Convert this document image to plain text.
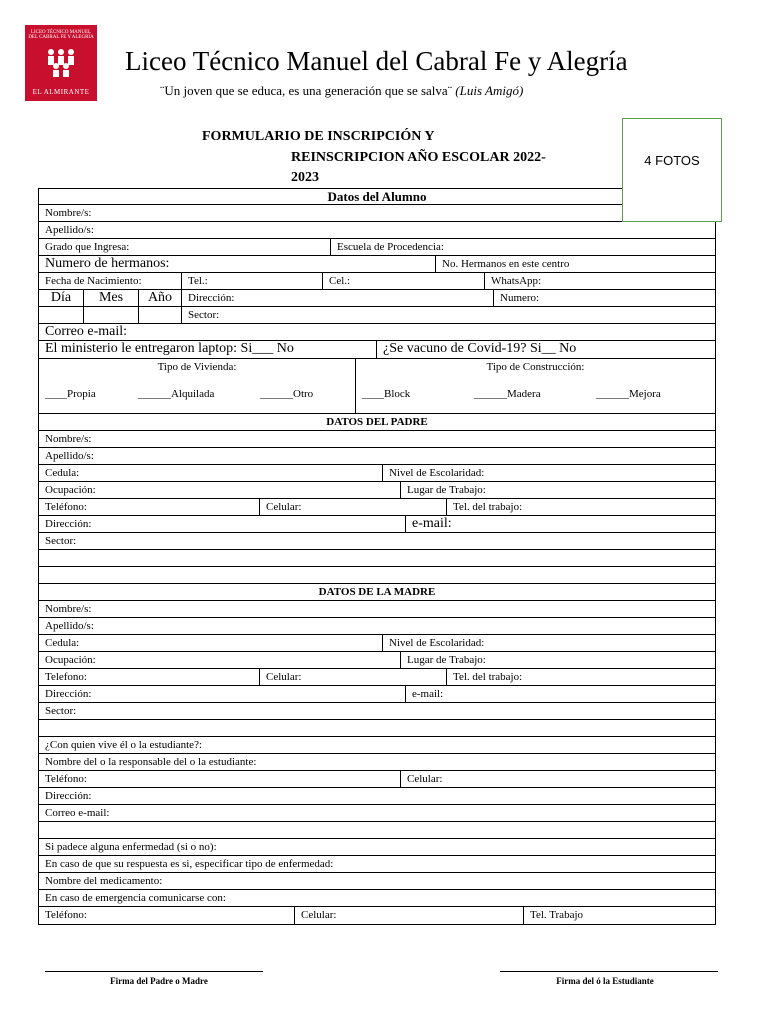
LICEO TÉCNICO MANUEL DEL CABRAL FE Y ALEGRÍA
EL ALMIRANTE
Liceo Técnico Manuel del Cabral Fe y Alegría
¨Un joven que se educa, es una generación que se salva¨ (Luis Amigó)
FORMULARIO DE INSCRIPCIÓN Y
REINSCRIPCION AÑO ESCOLAR 2022-
2023
4 FOTOS
Datos del Alumno
Nombre/s:
Apellido/s:
Grado que Ingresa:	Escuela de Procedencia:
Numero de hermanos:	No. Hermanos en este centro
Fecha de Nacimiento:	Tel.:	Cel.:	WhatsApp:
Día	Mes	Año	Dirección:	Numero:
Sector:
Correo e-mail:
El ministerio le entregaron laptop: Si___ No	¿Se vacuno de Covid-19? Si__ No
Tipo de Vivienda:
____Propia	______Alquilada	______Otro
Tipo de Construcción:
____Block	______Madera	______Mejora
DATOS DEL PADRE
Nombre/s:
Apellido/s:
Cedula:	Nivel de Escolaridad:
Ocupación:	Lugar de Trabajo:
Teléfono:	Celular:	Tel. del trabajo:
Dirección:	e-mail:
Sector:
DATOS DE LA MADRE
Nombre/s:
Apellido/s:
Cedula:	Nivel de Escolaridad:
Ocupación:	Lugar de Trabajo:
Telefono:	Celular:	Tel. del trabajo:
Dirección:	e-mail:
Sector:
¿Con quien vive él o la estudiante?:
Nombre del o la responsable del o la estudiante:
Teléfono:	Celular:
Dirección:
Correo e-mail:
Si padece alguna enfermedad (si o no):
En caso de que su respuesta es si, especificar tipo de enfermedad:
Nombre del medicamento:
En caso de emergencia comunicarse con:
Teléfono:	Celular:	Tel. Trabajo
Firma del Padre o Madre	Firma del ó la Estudiante
